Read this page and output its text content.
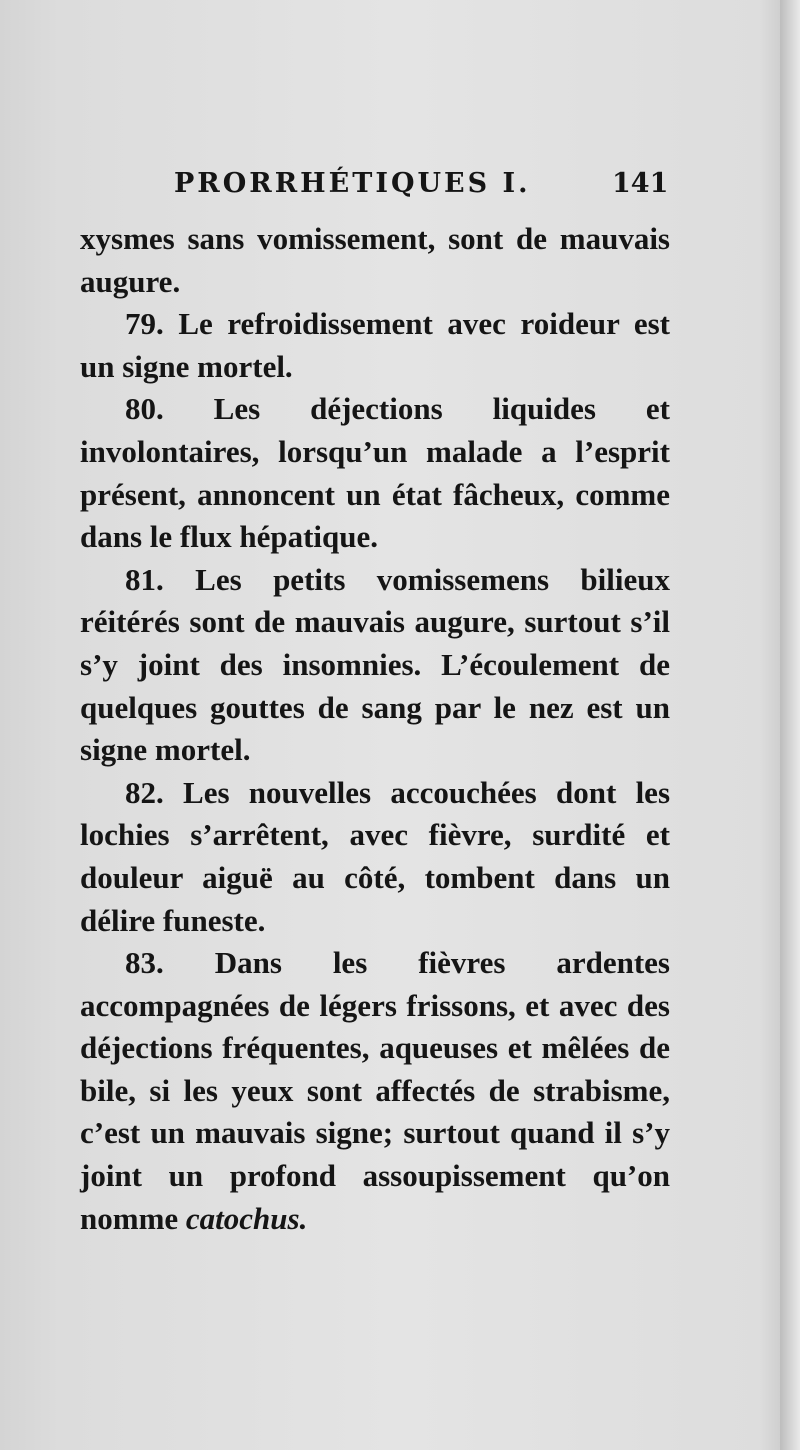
PRORRHÉTIQUES I.	141

xysmes sans vomissement, sont de mauvais augure.

79. Le refroidissement avec roideur est un signe mortel.

80. Les déjections liquides et involontaires, lorsqu’un malade a l’esprit présent, annoncent un état fâcheux, comme dans le flux hépatique.

81. Les petits vomissemens bilieux réitérés sont de mauvais augure, surtout s’il s’y joint des insomnies. L’écoulement de quelques gouttes de sang par le nez est un signe mortel.

82. Les nouvelles accouchées dont les lochies s’arrêtent, avec fièvre, surdité et douleur aiguë au côté, tombent dans un délire funeste.

83. Dans les fièvres ardentes accompagnées de légers frissons, et avec des déjections fréquentes, aqueuses et mêlées de bile, si les yeux sont affectés de strabisme, c’est un mauvais signe; surtout quand il s’y joint un profond assoupissement qu’on nomme catochus.
